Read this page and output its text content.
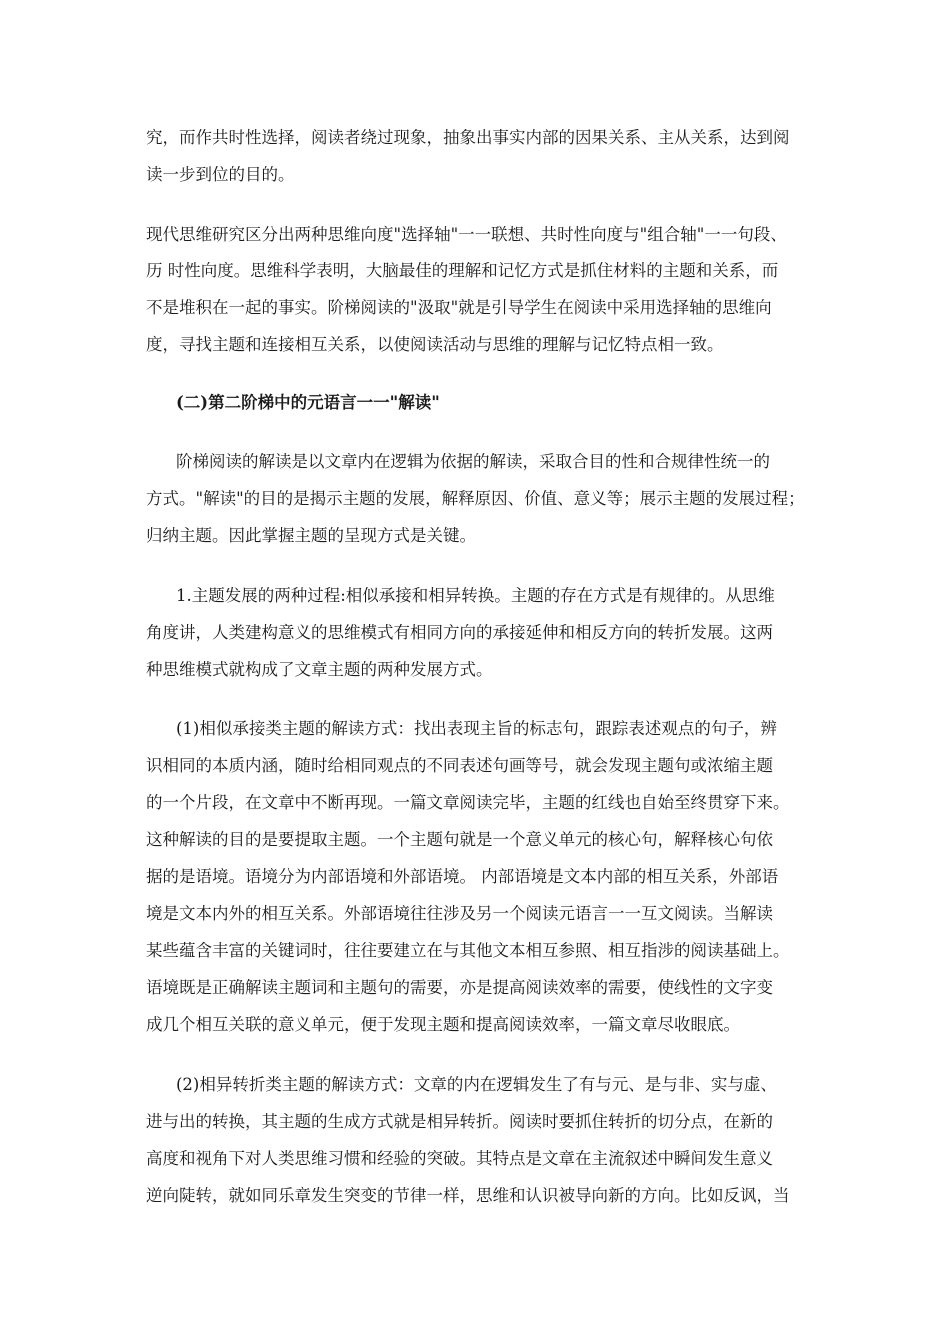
究，而作共时性选择，阅读者绕过现象，抽象出事实内部的因果关系、主从关系，达到阅
读一步到位的目的。
现代思维研究区分出两种思维向度"选择轴"一一联想、共时性向度与"组合轴"一一句段、
历 时性向度。思维科学表明，大脑最佳的理解和记忆方式是抓住材料的主题和关系，而
不是堆积在一起的事实。阶梯阅读的"汲取"就是引导学生在阅读中采用选择轴的思维向
度，寻找主题和连接相互关系，以使阅读活动与思维的理解与记忆特点相一致。
(二)第二阶梯中的元语言一一"解读"
阶梯阅读的解读是以文章内在逻辑为依据的解读，采取合目的性和合规律性统一的
方式。"解读"的目的是揭示主题的发展，解释原因、价值、意义等；展示主题的发展过程；
归纳主题。因此掌握主题的呈现方式是关键。
1.主题发展的两种过程:相似承接和相异转换。主题的存在方式是有规律的。从思维
角度讲，人类建构意义的思维模式有相同方向的承接延伸和相反方向的转折发展。这两
种思维模式就构成了文章主题的两种发展方式。
(1)相似承接类主题的解读方式：找出表现主旨的标志句，跟踪表述观点的句子，辨
识相同的本质内涵，随时给相同观点的不同表述句画等号，就会发现主题句或浓缩主题
的一个片段，在文章中不断再现。一篇文章阅读完毕，主题的红线也自始至终贯穿下来。
这种解读的目的是要提取主题。一个主题句就是一个意义单元的核心句，解释核心句依
据的是语境。语境分为内部语境和外部语境。 内部语境是文本内部的相互关系，外部语
境是文本内外的相互关系。外部语境往往涉及另一个阅读元语言一一互文阅读。当解读
某些蕴含丰富的关键词时，往往要建立在与其他文本相互参照、相互指涉的阅读基础上。
语境既是正确解读主题词和主题句的需要，亦是提高阅读效率的需要，使线性的文字变
成几个相互关联的意义单元，便于发现主题和提高阅读效率，一篇文章尽收眼底。
(2)相异转折类主题的解读方式：文章的内在逻辑发生了有与元、是与非、实与虚、
进与出的转换，其主题的生成方式就是相异转折。阅读时要抓住转折的切分点，在新的
高度和视角下对人类思维习惯和经验的突破。其特点是文章在主流叙述中瞬间发生意义
逆向陡转，就如同乐章发生突变的节律一样，思维和认识被导向新的方向。比如反讽，当
